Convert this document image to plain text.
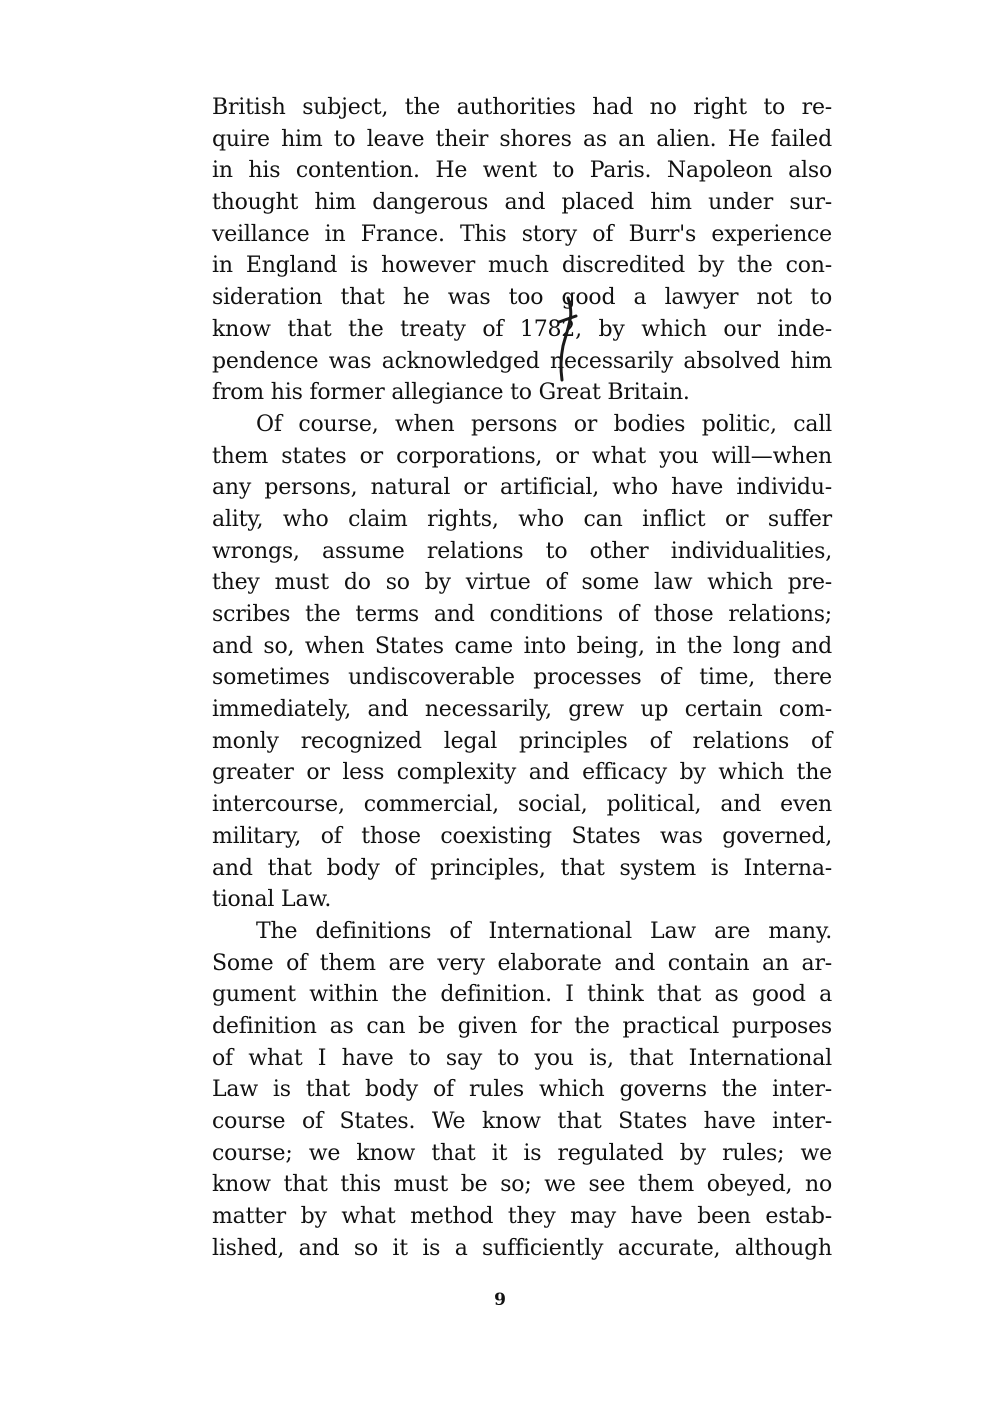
British subject, the authorities had no right to re-
quire him to leave their shores as an alien. He failed
in his contention. He went to Paris. Napoleon also
thought him dangerous and placed him under sur-
veillance in France. This story of Burr's experience
in England is however much discredited by the con-
sideration that he was too good a lawyer not to
know that the treaty of 1782, by which our inde-
pendence was acknowledged necessarily absolved him
from his former allegiance to Great Britain.
Of course, when persons or bodies politic, call
them states or corporations, or what you will—when
any persons, natural or artificial, who have individu-
ality, who claim rights, who can inflict or suffer
wrongs, assume relations to other individualities,
they must do so by virtue of some law which pre-
scribes the terms and conditions of those relations;
and so, when States came into being, in the long and
sometimes undiscoverable processes of time, there
immediately, and necessarily, grew up certain com-
monly recognized legal principles of relations of
greater or less complexity and efficacy by which the
intercourse, commercial, social, political, and even
military, of those coexisting States was governed,
and that body of principles, that system is Interna-
tional Law.
The definitions of International Law are many.
Some of them are very elaborate and contain an ar-
gument within the definition. I think that as good a
definition as can be given for the practical purposes
of what I have to say to you is, that International
Law is that body of rules which governs the inter-
course of States. We know that States have inter-
course; we know that it is regulated by rules; we
know that this must be so; we see them obeyed, no
matter by what method they may have been estab-
lished, and so it is a sufficiently accurate, although
9
